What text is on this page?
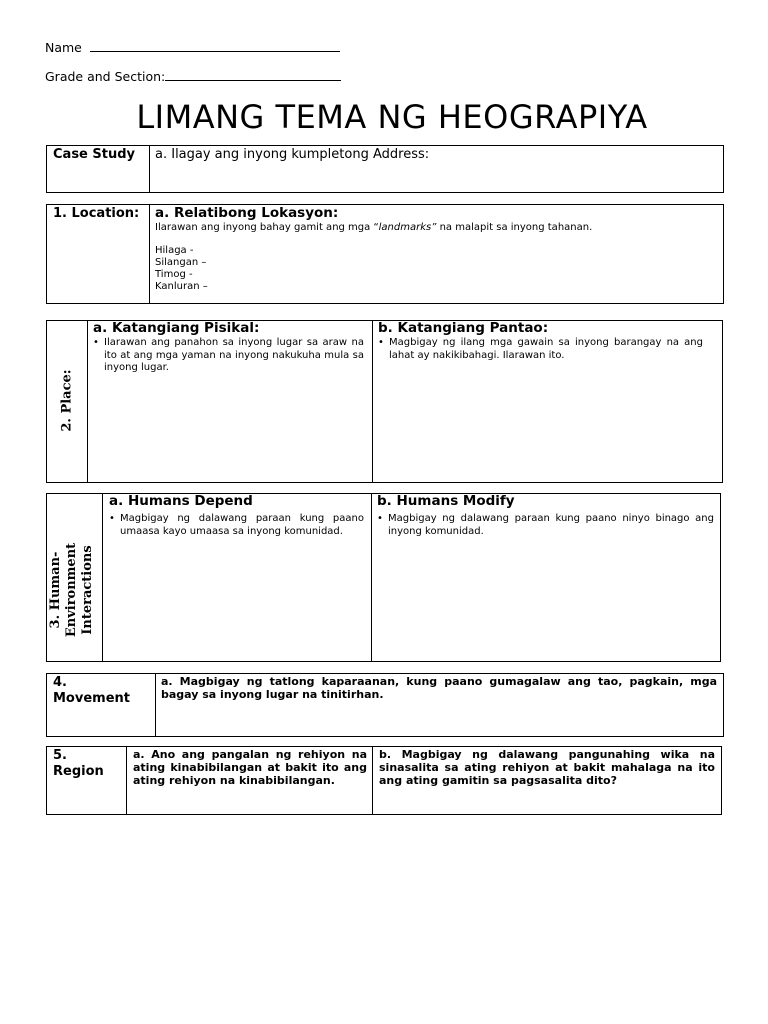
Name
Grade and Section:
LIMANG TEMA NG HEOGRAPIYA
Case Study a. Ilagay ang inyong kumpletong Address:
1. Location: a. Relatibong Lokasyon:
Ilarawan ang inyong bahay gamit ang mga “landmarks” na malapit sa inyong tahanan.
Hilaga -
Silangan –
Timog -
Kanluran –
2. Place:
a. Katangiang Pisikal:
• Ilarawan ang panahon sa inyong lugar sa araw na ito at ang mga yaman na inyong nakukuha mula sa inyong lugar.
b. Katangiang Pantao:
• Magbigay ng ilang mga gawain sa inyong barangay na ang lahat ay nakikibahagi. Ilarawan ito.
3. Human- Environment Interactions
a. Humans Depend
• Magbigay ng dalawang paraan kung paano umaasa kayo umaasa sa inyong komunidad.
b. Humans Modify
• Magbigay ng dalawang paraan kung paano ninyo binago ang inyong komunidad.
4.
Movement
a. Magbigay ng tatlong kaparaanan, kung paano gumagalaw ang tao, pagkain, mga bagay sa inyong lugar na tinitirhan.
5.
Region
a. Ano ang pangalan ng rehiyon na ating kinabibilangan at bakit ito ang ating rehiyon na kinabibilangan.
b. Magbigay ng dalawang pangunahing wika na sinasalita sa ating rehiyon at bakit mahalaga na ito ang ating gamitin sa pagsasalita dito?
